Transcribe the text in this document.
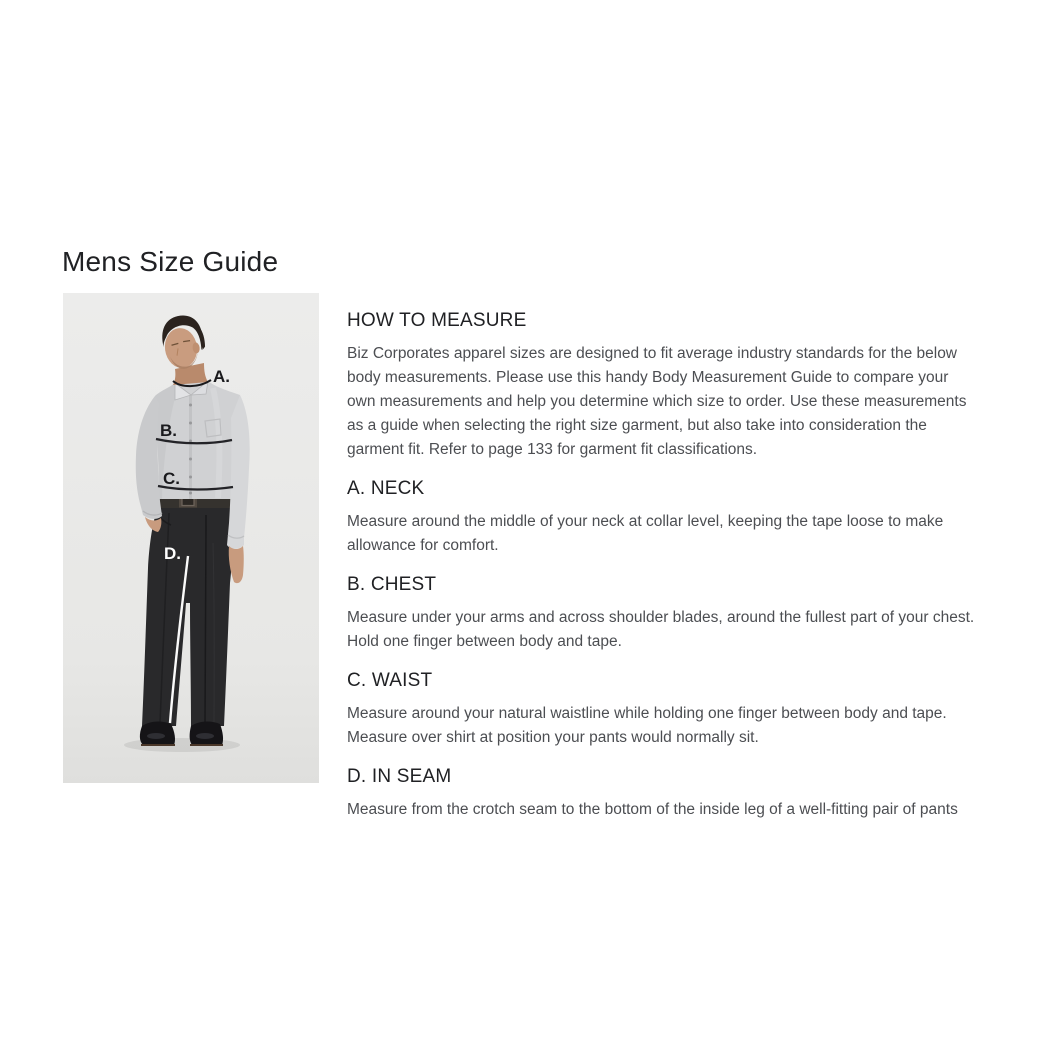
Mens Size Guide
A.
B.
C.
D.
HOW TO MEASURE

Biz Corporates apparel sizes are designed to fit average industry standards for the below body measurements. Please use this handy Body Measurement Guide to compare your own measurements and help you determine which size to order. Use these measurements as a guide when selecting the right size garment, but also take into consideration the garment fit. Refer to page 133 for garment fit classifications.

A. NECK

Measure around the middle of your neck at collar level, keeping the tape loose to make allowance for comfort.

B. CHEST

Measure under your arms and across shoulder blades, around the fullest part of your chest. Hold one finger between body and tape.

C. WAIST

Measure around your natural waistline while holding one finger between body and tape. Measure over shirt at position your pants would normally sit.

D. IN SEAM

Measure from the crotch seam to the bottom of the inside leg of a well-fitting pair of pants
